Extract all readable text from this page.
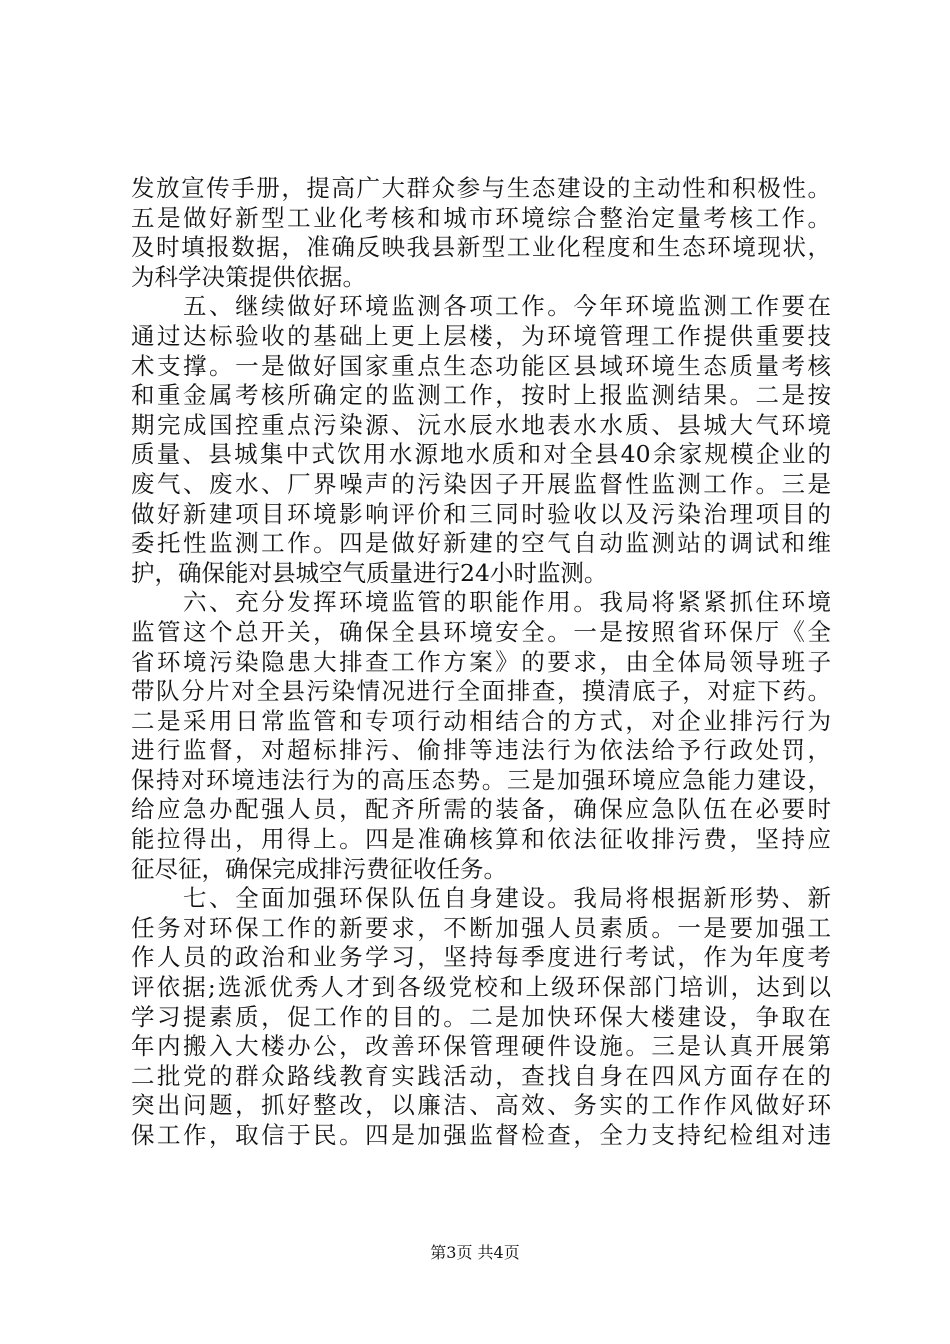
发放宣传手册，提高广大群众参与生态建设的主动性和积极性。
五是做好新型工业化考核和城市环境综合整治定量考核工作。
及时填报数据，准确反映我县新型工业化程度和生态环境现状，
为科学决策提供依据。
　　五、继续做好环境监测各项工作。今年环境监测工作要在
通过达标验收的基础上更上层楼，为环境管理工作提供重要技
术支撑。一是做好国家重点生态功能区县域环境生态质量考核
和重金属考核所确定的监测工作，按时上报监测结果。二是按
期完成国控重点污染源、沅水辰水地表水水质、县城大气环境
质量、县城集中式饮用水源地水质和对全县40余家规模企业的
废气、废水、厂界噪声的污染因子开展监督性监测工作。三是
做好新建项目环境影响评价和三同时验收以及污染治理项目的
委托性监测工作。四是做好新建的空气自动监测站的调试和维
护，确保能对县城空气质量进行24小时监测。
　　六、充分发挥环境监管的职能作用。我局将紧紧抓住环境
监管这个总开关，确保全县环境安全。一是按照省环保厅《全
省环境污染隐患大排查工作方案》的要求，由全体局领导班子
带队分片对全县污染情况进行全面排查，摸清底子，对症下药。
二是采用日常监管和专项行动相结合的方式，对企业排污行为
进行监督，对超标排污、偷排等违法行为依法给予行政处罚，
保持对环境违法行为的高压态势。三是加强环境应急能力建设，
给应急办配强人员，配齐所需的装备，确保应急队伍在必要时
能拉得出，用得上。四是准确核算和依法征收排污费，坚持应
征尽征，确保完成排污费征收任务。
　　七、全面加强环保队伍自身建设。我局将根据新形势、新
任务对环保工作的新要求，不断加强人员素质。一是要加强工
作人员的政治和业务学习，坚持每季度进行考试，作为年度考
评依据;选派优秀人才到各级党校和上级环保部门培训，达到以
学习提素质，促工作的目的。二是加快环保大楼建设，争取在
年内搬入大楼办公，改善环保管理硬件设施。三是认真开展第
二批党的群众路线教育实践活动，查找自身在四风方面存在的
突出问题，抓好整改，以廉洁、高效、务实的工作作风做好环
保工作，取信于民。四是加强监督检查，全力支持纪检组对违
第3页 共4页
